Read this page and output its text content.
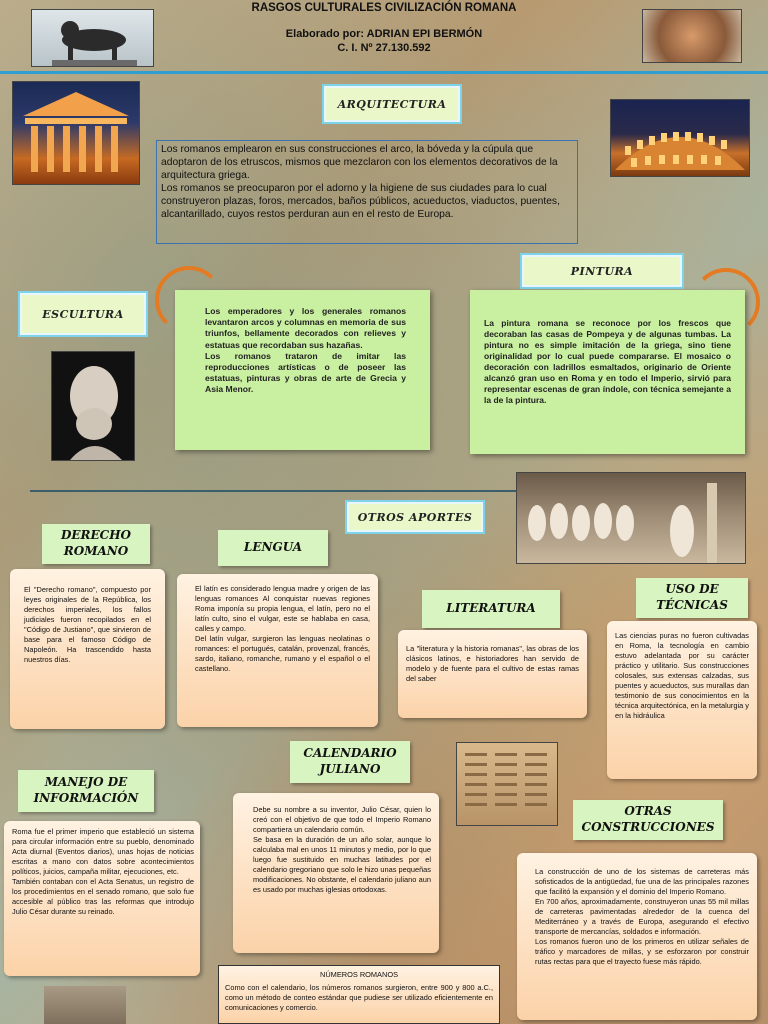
RASGOS CULTURALES CIVILIZACIÓN ROMANA
Elaborado por: ADRIAN EPI BERMÓN
C. I. Nº 27.130.592
ARQUITECTURA
Los romanos emplearon en sus construcciones el arco, la bóveda y la cúpula que adoptaron de los etruscos, mismos que mezclaron con los elementos decorativos de la arquitectura griega.
Los romanos se preocuparon por el adorno y la higiene de sus ciudades para lo cual construyeron plazas, foros, mercados, baños públicos, acueductos, viaductos, puentes, alcantarillado, cuyos restos perduran aun en el resto de Europa.
PINTURA
La pintura romana se reconoce por los frescos que decoraban las casas de Pompeya y de algunas tumbas. La pintura no es simple imitación de la griega, sino tiene originalidad por lo cual puede compararse. El mosaico o decoración con ladrillos esmaltados, originario de Oriente alcanzó gran uso en Roma y en todo el Imperio, sirvió para representar escenas de gran índole, con técnica semejante a la de la pintura.
ESCULTURA	Los emperadores y los generales romanos levantaron arcos y columnas en memoria de sus triunfos, bellamente decorados con relieves y estatuas que recordaban sus hazañas.
Los romanos trataron de imitar las reproducciones artísticas o de poseer las estatuas, pinturas y obras de arte de Grecia y Asia Menor.
OTROS APORTES
DERECHO ROMANO
El "Derecho romano", compuesto por leyes originales de la República, los derechos imperiales, los fallos judiciales fueron recopilados en el "Código de Justiano", que sirvieron de base para el famoso Código de Napoleón. Ha trascendido hasta nuestros días.
LENGUA
El latín es considerado lengua madre y origen de las lenguas romances Al conquistar nuevas regiones Roma imponía su propia lengua, el latín, pero no el latín culto, sino el vulgar, este se hablaba en casa, calles y campo.
Del latín vulgar, surgieron las lenguas neolatinas o romances: el portugués, catalán, provenzal, francés, sardo, italiano, romanche, rumano y el español o el castellano.
LITERATURA
La "literatura y la historia romanas", las obras de los clásicos latinos, e historiadores han servido de modelo y de fuente para el cultivo de estas ramas del saber
USO DE TÉCNICAS
Las ciencias puras no fueron cultivadas en Roma, la tecnología en cambio estuvo adelantada por su carácter práctico y utilitario. Sus construcciones colosales, sus extensas calzadas, sus puentes y acueductos, sus murallas dan testimonio de sus conocimientos en la técnica arquitectónica, en la metalurgia y en la hidráulica
MANEJO DE INFORMACIÓN
Roma fue el primer imperio que estableció un sistema para circular información entre su pueblo, denominado Acta diurnal (Eventos diarios), unas hojas de noticias escritas a mano con datos sobre acontecimientos políticos, juicios, campaña militar, ejecuciones, etc.
También contaban con el Acta Senatus, un registro de los procedimientos en el senado romano, que solo fue accesible al público tras las reformas que introdujo Julio César durante su reinado.
CALENDARIO JULIANO
Debe su nombre a su inventor, Julio César, quien lo creó con el objetivo de que todo el Imperio Romano compartiera un calendario común.
Se basa en la duración de un año solar, aunque lo calculaba mal en unos 11 minutos y medio, por lo que luego fue sustituido en muchas latitudes por el calendario gregoriano que solo le hizo unas pequeñas modificaciones. No obstante, el calendario juliano aun es usado por muchas iglesias ortodoxas.
OTRAS CONSTRUCCIONES
La construcción de uno de los sistemas de carreteras más sofisticados de la antigüedad, fue una de las principales razones que facilitó la expansión y el dominio del Imperio Romano.
En 700 años, aproximadamente, construyeron unas 55 mil millas de carreteras pavimentadas alrededor de la cuenca del Mediterráneo y a través de Europa, asegurando el efectivo transporte de mercancías, soldados e información.
Los romanos fueron uno de los primeros en utilizar señales de tráfico y marcadores de millas, y se esforzaron por construir rutas rectas para que el trayecto fuese más rápido.
NÚMEROS ROMANOS
Como con el calendario, los números romanos surgieron, entre 900 y 800 a.C., como un método de conteo estándar que pudiese ser utilizado eficientemente en comunicaciones y comercio.
